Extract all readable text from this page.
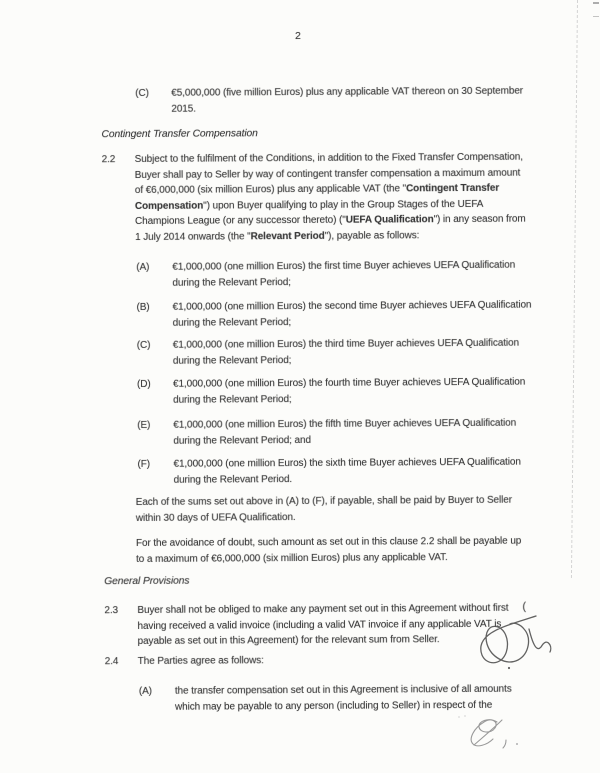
2
(C)	€5,000,000 (five million Euros) plus any applicable VAT thereon on 30 September 2015.
Contingent Transfer Compensation
2.2	Subject to the fulfilment of the Conditions, in addition to the Fixed Transfer Compensation, Buyer shall pay to Seller by way of contingent transfer compensation a maximum amount of €6,000,000 (six million Euros) plus any applicable VAT (the "Contingent Transfer Compensation") upon Buyer qualifying to play in the Group Stages of the UEFA Champions League (or any successor thereto) ("UEFA Qualification") in any season from 1 July 2014 onwards (the "Relevant Period"), payable as follows:
(A)	€1,000,000 (one million Euros) the first time Buyer achieves UEFA Qualification during the Relevant Period;
(B)	€1,000,000 (one million Euros) the second time Buyer achieves UEFA Qualification during the Relevant Period;
(C)	€1,000,000 (one million Euros) the third time Buyer achieves UEFA Qualification during the Relevant Period;
(D)	€1,000,000 (one million Euros) the fourth time Buyer achieves UEFA Qualification during the Relevant Period;
(E)	€1,000,000 (one million Euros) the fifth time Buyer achieves UEFA Qualification during the Relevant Period; and
(F)	€1,000,000 (one million Euros) the sixth time Buyer achieves UEFA Qualification during the Relevant Period.
Each of the sums set out above in (A) to (F), if payable, shall be paid by Buyer to Seller within 30 days of UEFA Qualification.
For the avoidance of doubt, such amount as set out in this clause 2.2 shall be payable up to a maximum of €6,000,000 (six million Euros) plus any applicable VAT.
General Provisions
2.3	Buyer shall not be obliged to make any payment set out in this Agreement without first having received a valid invoice (including a valid VAT invoice if any applicable VAT is payable as set out in this Agreement) for the relevant sum from Seller.
2.4	The Parties agree as follows:
(A)	the transfer compensation set out in this Agreement is inclusive of all amounts which may be payable to any person (including to Seller) in respect of the
(
